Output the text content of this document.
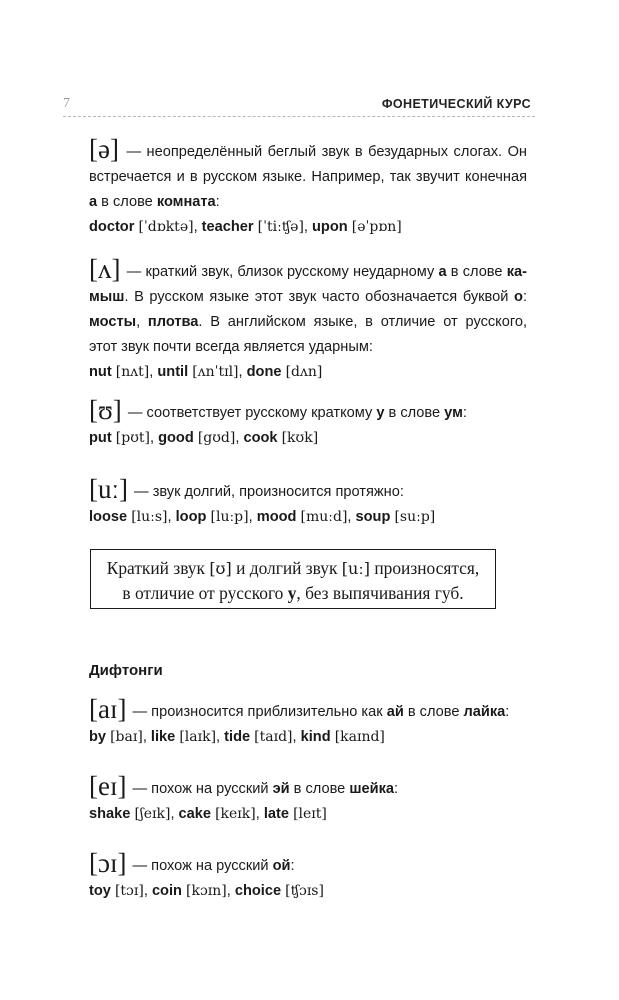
7	ФОНЕТИЧЕСКИЙ КУРС

[ə] — неопределённый беглый звук в безударных слогах. Он встречается и в русском языке. Например, так звучит конечная а в слове комната:

doctor [ˈdɒktə], teacher [ˈtiːʧə], upon [əˈpɒn]

[ʌ] — краткий звук, близок русскому неударному а в слове камыш. В русском языке этот звук часто обозначается буквой о: мосты, плотва. В английском языке, в отличие от русского, этот звук почти всегда является ударным:

nut [nʌt], until [ʌnˈtɪl], done [dʌn]

[ʊ] — соответствует русскому краткому у в слове ум:

put [pʊt], good [gʊd], cook [kʊk]

[uː] — звук долгий, произносится протяжно:

loose [luːs], loop [luːp], mood [muːd], soup [suːp]

Краткий звук [ʊ] и долгий звук [uː] произносятся,
в отличие от русского у, без выпячивания губ.
Дифтонги

[aɪ] — произносится приблизительно как ай в слове лайка:

by [baɪ], like [laɪk], tide [taɪd], kind [kaɪnd]

[eɪ] — похож на русский эй в слове шейка:

shake [ʃeɪk], cake [keɪk], late [leɪt]

[ɔɪ] — похож на русский ой:

toy [tɔɪ], coin [kɔɪn], choice [ʧɔɪs]
